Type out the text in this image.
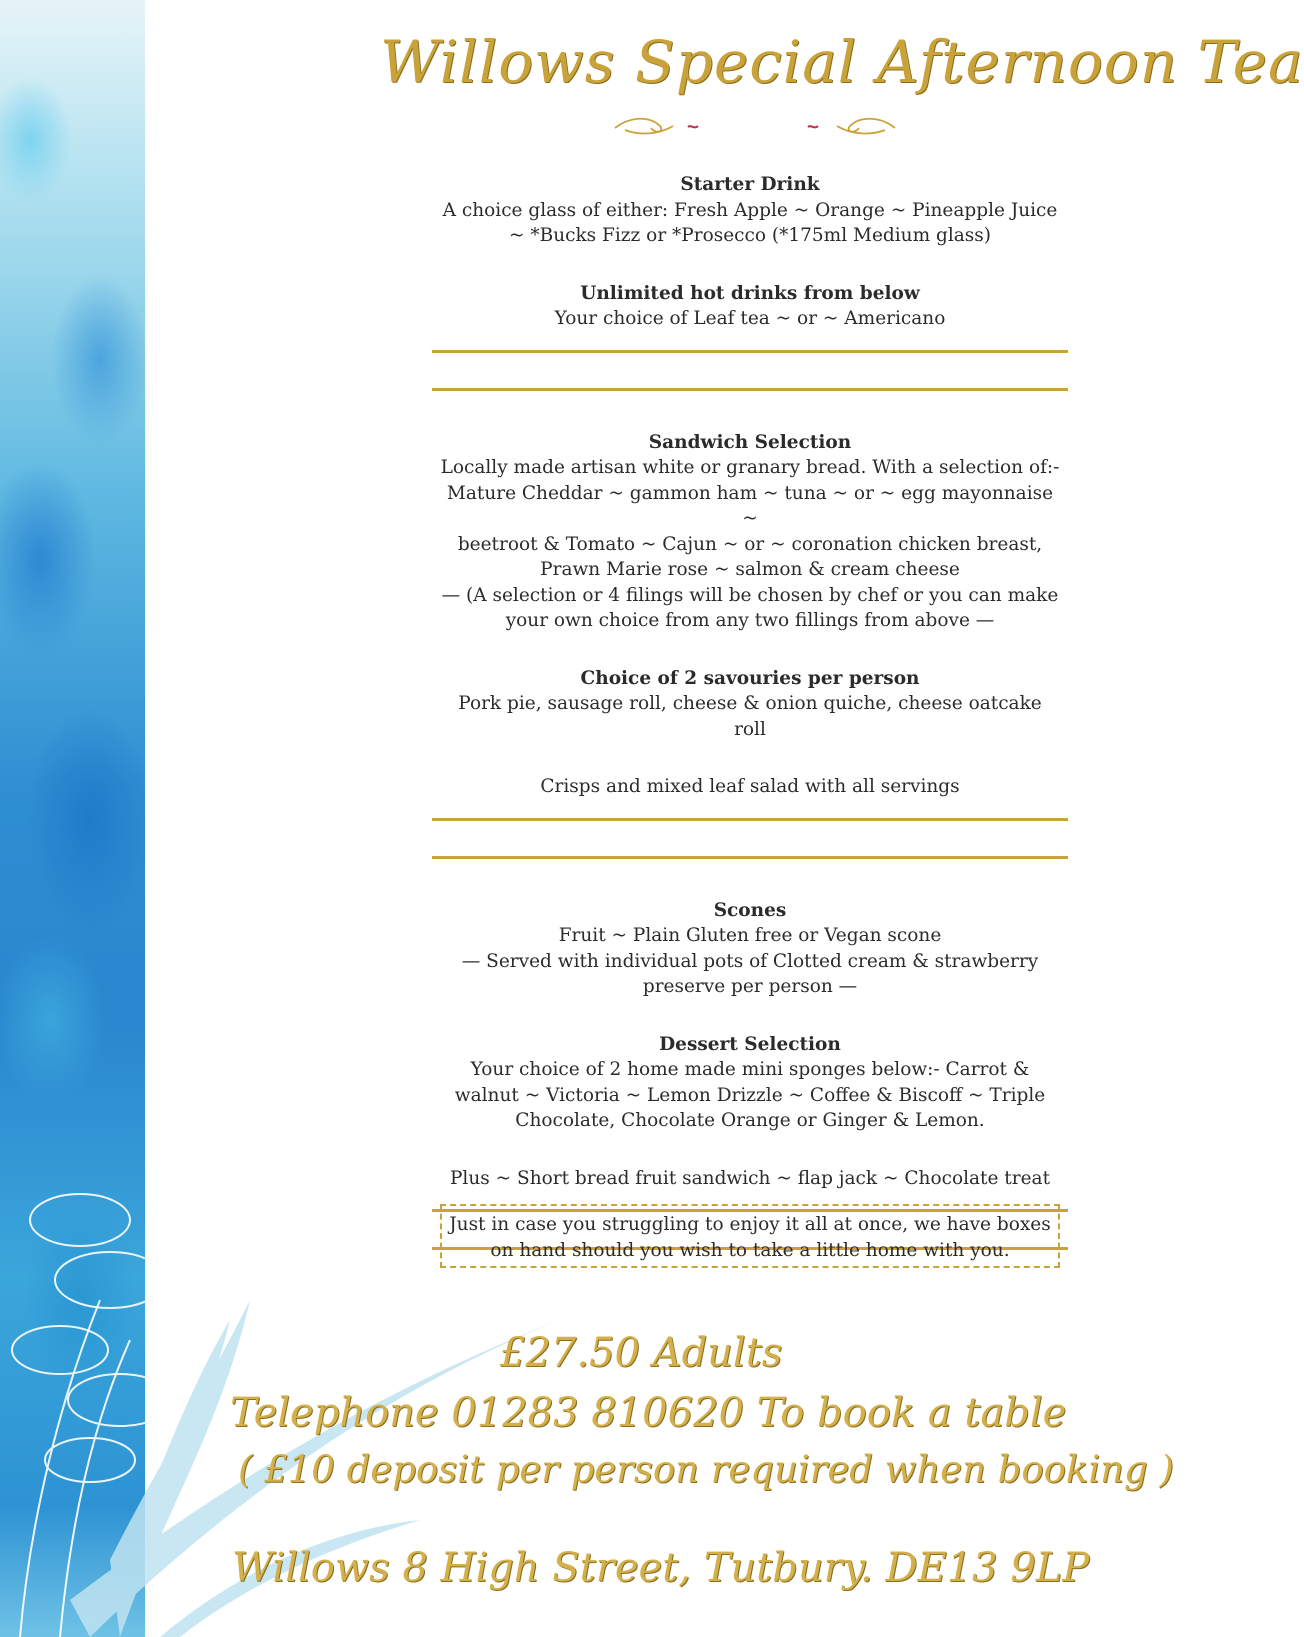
Willows Special Afternoon Tea
Starter Drink
A choice glass of either: Fresh Apple ~ Orange ~ Pineapple Juice
~ *Bucks Fizz or *Prosecco (*175ml Medium glass)
Unlimited hot drinks from below
Your choice of Leaf tea ~ or ~ Americano
Sandwich Selection
Locally made artisan white or granary bread. With a selection of:-
Mature Cheddar ~ gammon ham ~ tuna ~ or ~ egg mayonnaise ~
beetroot & Tomato ~ Cajun ~ or ~ coronation chicken breast,
Prawn Marie rose ~ salmon & cream cheese
— (A selection or 4 filings will be chosen by chef or you can make
your own choice from any two fillings from above —
Choice of 2 savouries per person
Pork pie, sausage roll, cheese & onion quiche, cheese oatcake roll
Crisps and mixed leaf salad with all servings
Scones
Fruit ~ Plain Gluten free or Vegan scone
— Served with individual pots of Clotted cream & strawberry
preserve per person —
Dessert Selection
Your choice of 2 home made mini sponges below:- Carrot &
walnut ~ Victoria ~ Lemon Drizzle ~ Coffee & Biscoff ~ Triple
Chocolate, Chocolate Orange or Ginger & Lemon.
Plus ~ Short bread fruit sandwich ~ flap jack ~ Chocolate treat
Just in case you struggling to enjoy it all at once, we have boxes
on hand should you wish to take a little home with you.
£27.50 Adults
Telephone 01283 810620 To book a table
( £10 deposit per person required when booking )
Willows 8 High Street, Tutbury. DE13 9LP
